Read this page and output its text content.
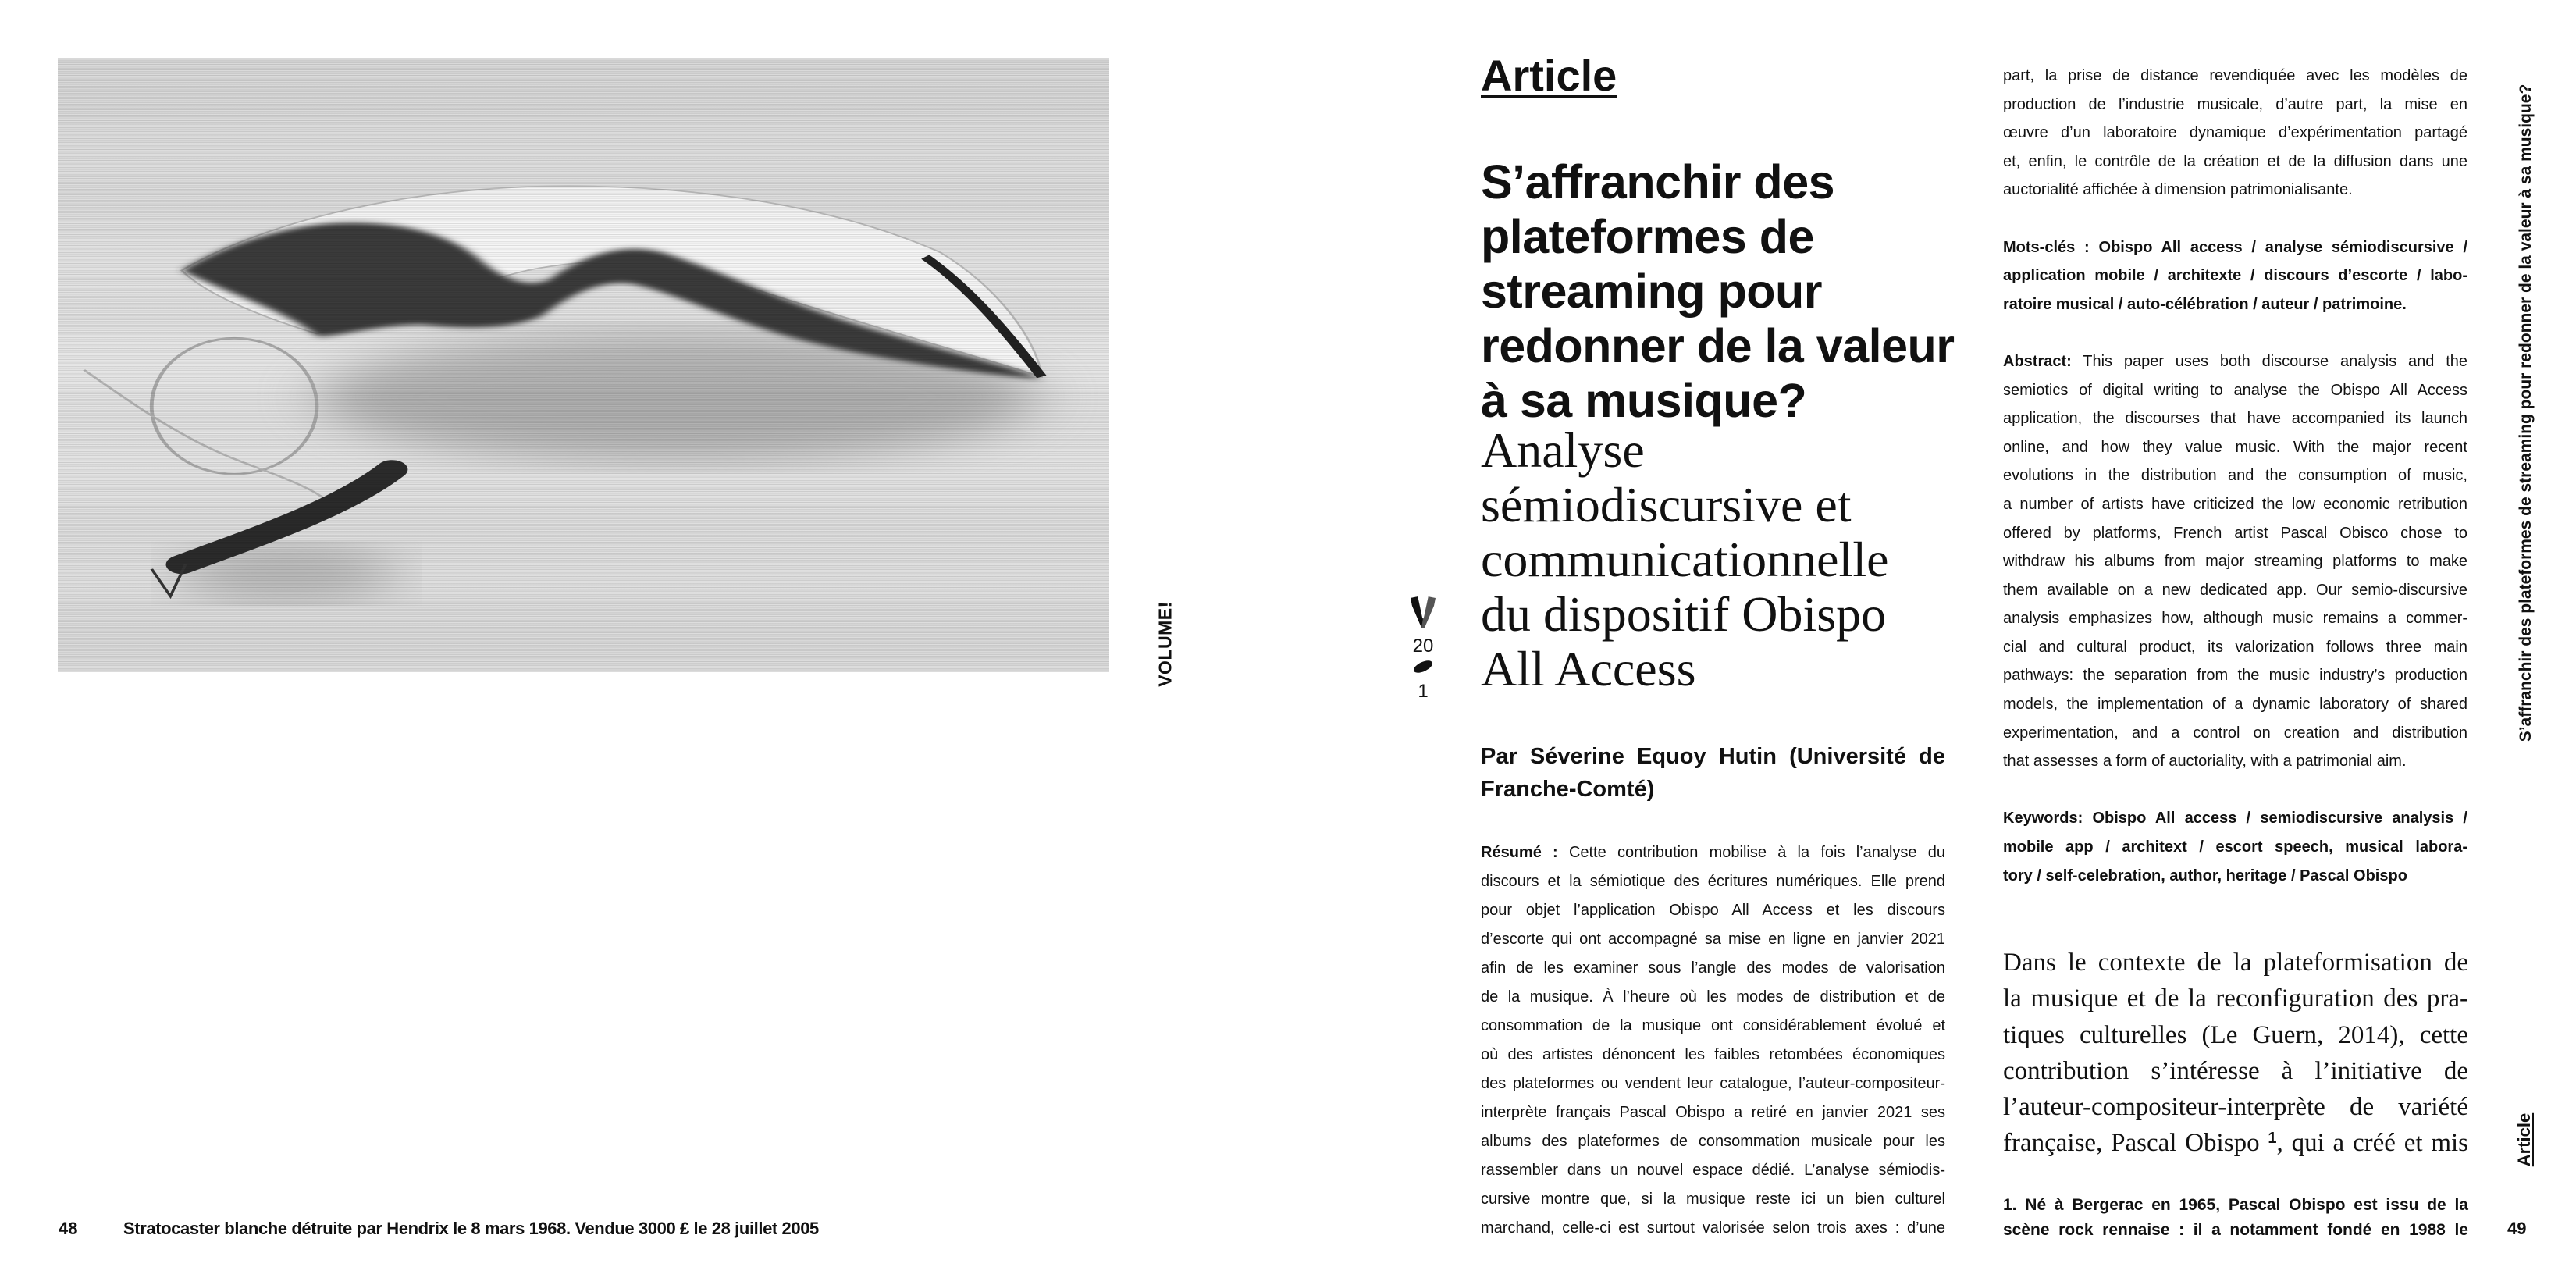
VOLUME!	20
1
48	Stratocaster blanche détruite par Hendrix le 8 mars 1968. Vendue 3000 £ le 28 juillet 2005
Article
S’affranchir des
plateformes de
streaming pour
redonner de la valeur
à sa musique?
Analyse
sémiodiscursive et
communicationnelle
du dispositif Obispo
All Access
Par Séverine Equoy Hutin (Université de
Franche-Comté)
Résumé : Cette contribution mobilise à la fois l’analyse du
discours et la sémiotique des écritures numériques. Elle prend
pour objet l’application Obispo All Access et les discours
d’escorte qui ont accompagné sa mise en ligne en janvier 2021
afin de les examiner sous l’angle des modes de valorisation
de la musique. À l’heure où les modes de distribution et de
consommation de la musique ont considérablement évolué et
où des artistes dénoncent les faibles retombées économiques
des plateformes ou vendent leur catalogue, l’auteur-compositeur-
interprète français Pascal Obispo a retiré en janvier 2021 ses
albums des plateformes de consommation musicale pour les
rassembler dans un nouvel espace dédié. L’analyse sémiodis-
cursive montre que, si la musique reste ici un bien culturel
marchand, celle-ci est surtout valorisée selon trois axes : d’une
part, la prise de distance revendiquée avec les modèles de
production de l’industrie musicale, d’autre part, la mise en
œuvre d’un laboratoire dynamique d’expérimentation partagé
et, enfin, le contrôle de la création et de la diffusion dans une
auctorialité affichée à dimension patrimonialisante.
Mots-clés : Obispo All access / analyse sémiodiscursive /
application mobile / architexte / discours d’escorte / labo-
ratoire musical / auto-célébration / auteur / patrimoine.
Abstract: This paper uses both discourse analysis and the
semiotics of digital writing to analyse the Obispo All Access
application, the discourses that have accompanied its launch
online, and how they value music. With the major recent
evolutions in the distribution and the consumption of music,
a number of artists have criticized the low economic retribution
offered by platforms, French artist Pascal Obisco chose to
withdraw his albums from major streaming platforms to make
them available on a new dedicated app. Our semio-discursive
analysis emphasizes how, although music remains a commer-
cial and cultural product, its valorization follows three main
pathways: the separation from the music industry’s production
models, the implementation of a dynamic laboratory of shared
experimentation, and a control on creation and distribution
that assesses a form of auctoriality, with a patrimonial aim.
Keywords: Obispo All access / semiodiscursive analysis /
mobile app / architext / escort speech, musical labora-
tory / self-celebration, author, heritage / Pascal Obispo
Dans le contexte de la plateformisation de
la musique et de la reconfiguration des pra-
tiques culturelles (Le Guern, 2014), cette
contribution s’intéresse à l’initiative de
l’auteur-compositeur-interprète de variété
française, Pascal Obispo $^1$, qui a créé et mis
1. Né à Bergerac en 1965, Pascal Obispo est issu de la
scène rock rennaise : il a notamment fondé en 1988 le
S’affranchir des plateformes de streaming pour redonner de la valeur à sa musique?
Article
49
